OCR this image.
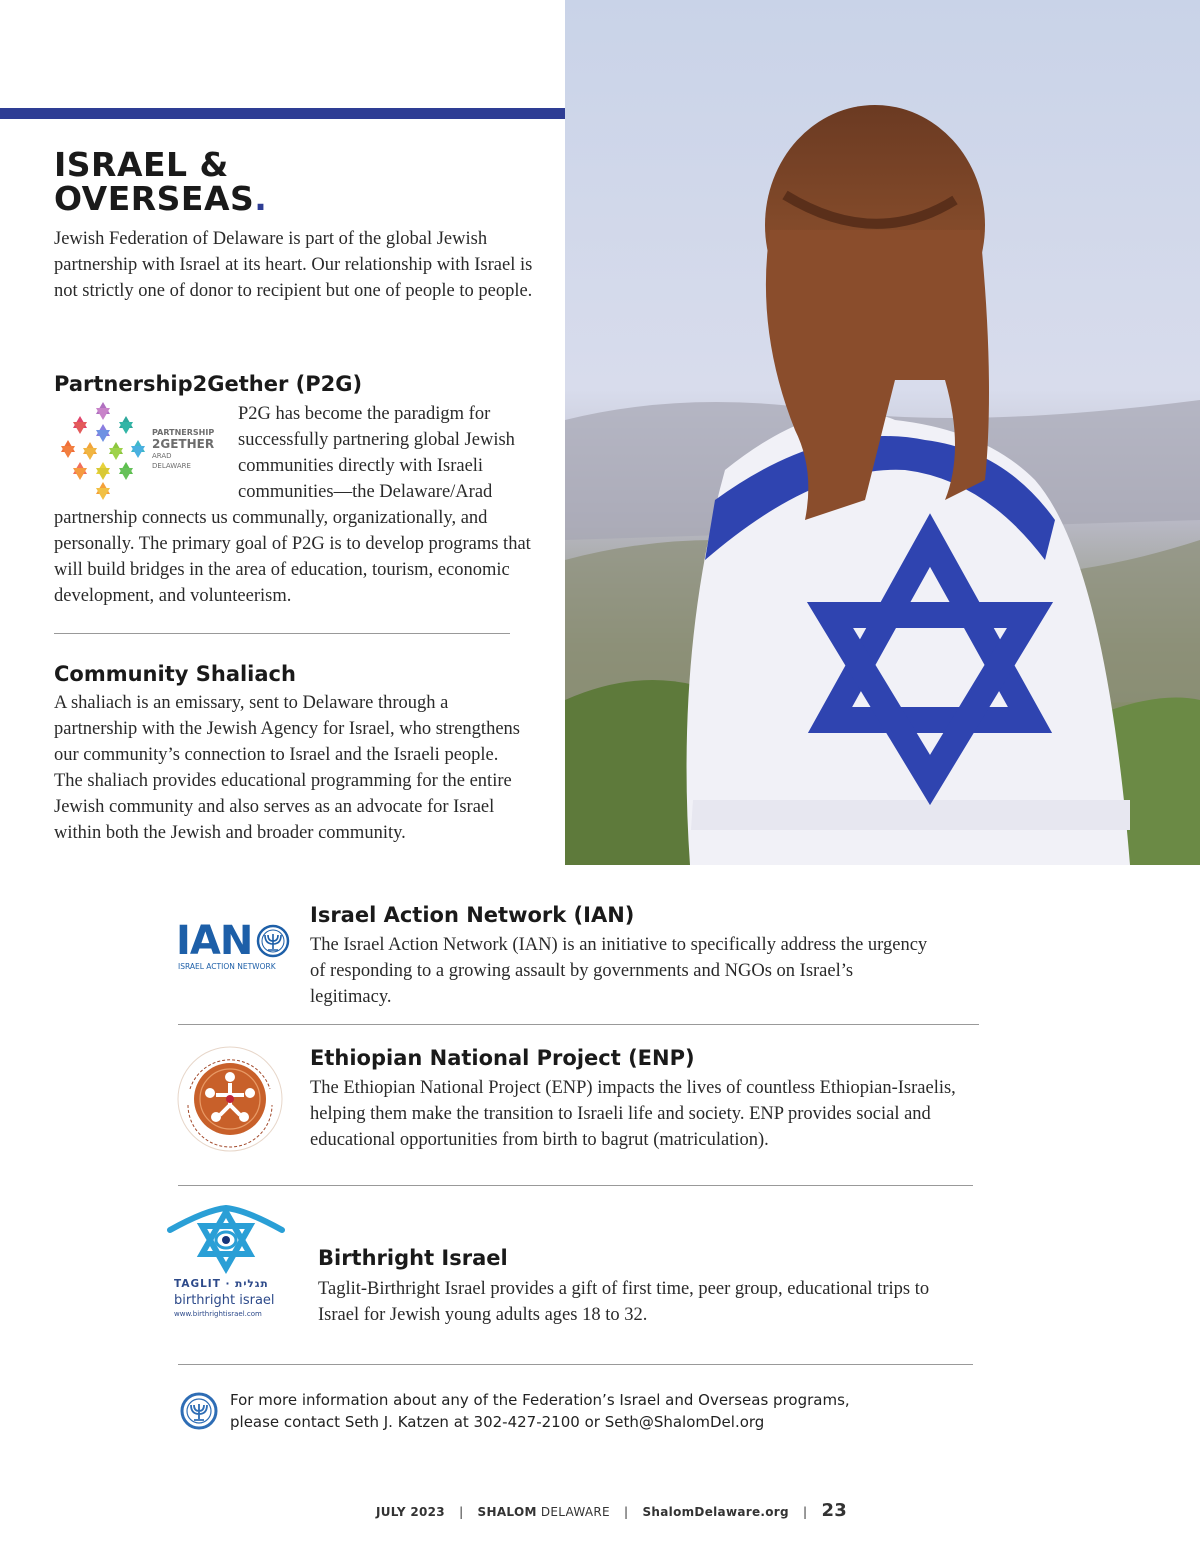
ISRAEL &
OVERSEAS.
Jewish Federation of Delaware is part of the global Jewish partnership with Israel at its heart. Our relationship with Israel is not strictly one of donor to recipient but one of people to people.
Partnership2Gether (P2G)
PARTNERSHIP
2GETHER
ARAD
DELAWARE
P2G has become the paradigm for successfully partnering global Jewish communities directly with Israeli communities—the Delaware/Arad
partnership connects us communally, organizationally, and personally. The primary goal of P2G is to develop programs that will build bridges in the area of education, tourism, economic development, and volunteerism.
Community Shaliach
A shaliach is an emissary, sent to Delaware through a partnership with the Jewish Agency for Israel, who strengthens our community’s connection to Israel and the Israeli people. The shaliach provides educational programming for the entire Jewish community and also serves as an advocate for Israel within both the Jewish and broader community.
IAN
ISRAEL ACTION NETWORK
Israel Action Network (IAN)
The Israel Action Network (IAN) is an initiative to specifically address the urgency of responding to a growing assault by governments and NGOs on Israel’s legitimacy.
Ethiopian National Project (ENP)
The Ethiopian National Project (ENP) impacts the lives of countless Ethiopian-Israelis, helping them make the transition to Israeli life and society. ENP provides social and educational opportunities from birth to bagrut (matriculation).
TAGLIT · תגלית
birthright israel
www.birthrightisrael.com
Birthright Israel
Taglit-Birthright Israel provides a gift of first time, peer group, educational trips to Israel for Jewish young adults ages 18 to 32.
For more information about any of the Federation’s Israel and Overseas programs,
please contact Seth J. Katzen at 302-427-2100 or Seth@ShalomDel.org
JULY 2023 | SHALOM DELAWARE | ShalomDelaware.org | 23
